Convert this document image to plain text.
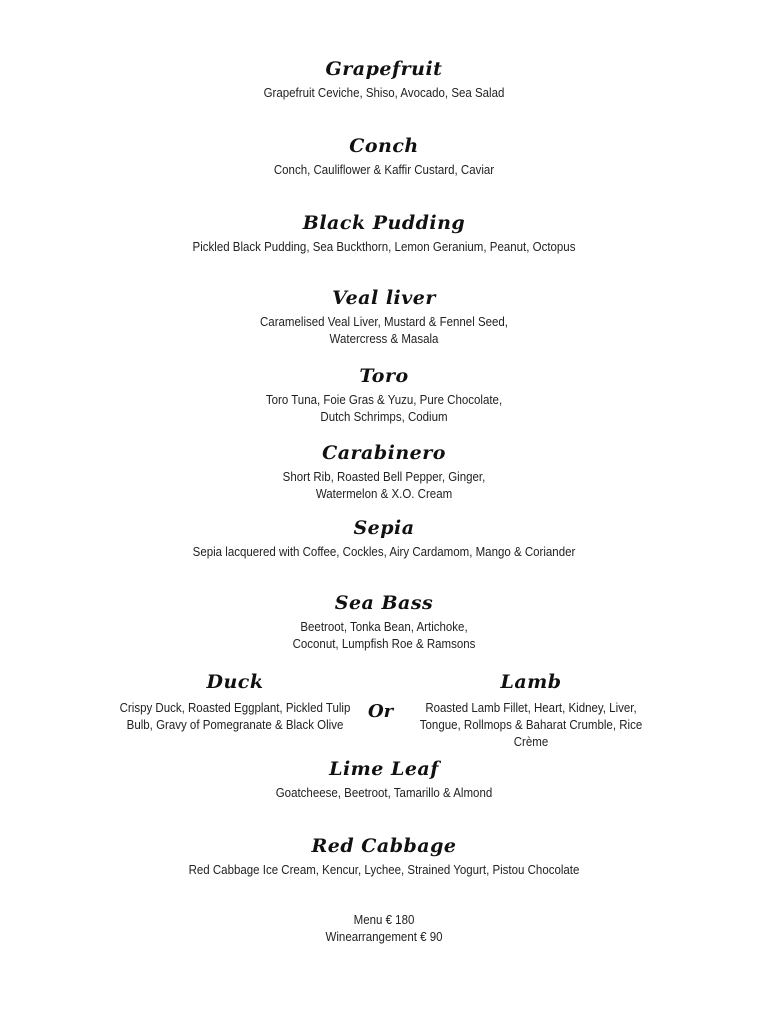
Grapefruit
Grapefruit Ceviche, Shiso, Avocado, Sea Salad
Conch
Conch, Cauliflower & Kaffir Custard, Caviar
Black Pudding
Pickled Black Pudding, Sea Buckthorn, Lemon Geranium, Peanut, Octopus
Veal liver
Caramelised Veal Liver, Mustard & Fennel Seed,
Watercress & Masala
Toro
Toro Tuna, Foie Gras & Yuzu, Pure Chocolate,
Dutch Schrimps, Codium
Carabinero
Short Rib, Roasted Bell Pepper, Ginger,
Watermelon & X.O. Cream
Sepia
Sepia lacquered with Coffee, Cockles, Airy Cardamom, Mango & Coriander
Sea Bass
Beetroot, Tonka Bean, Artichoke,
Coconut, Lumpfish Roe & Ramsons
Duck
Crispy Duck, Roasted Eggplant, Pickled Tulip
Bulb, Gravy of Pomegranate & Black Olive
Or
Lamb
Roasted Lamb Fillet, Heart, Kidney, Liver,
Tongue, Rollmops & Baharat Crumble, Rice
Crème
Lime Leaf
Goatcheese, Beetroot, Tamarillo & Almond
Red Cabbage
Red Cabbage Ice Cream, Kencur, Lychee, Strained Yogurt, Pistou Chocolate
Menu € 180
Winearrangement € 90
